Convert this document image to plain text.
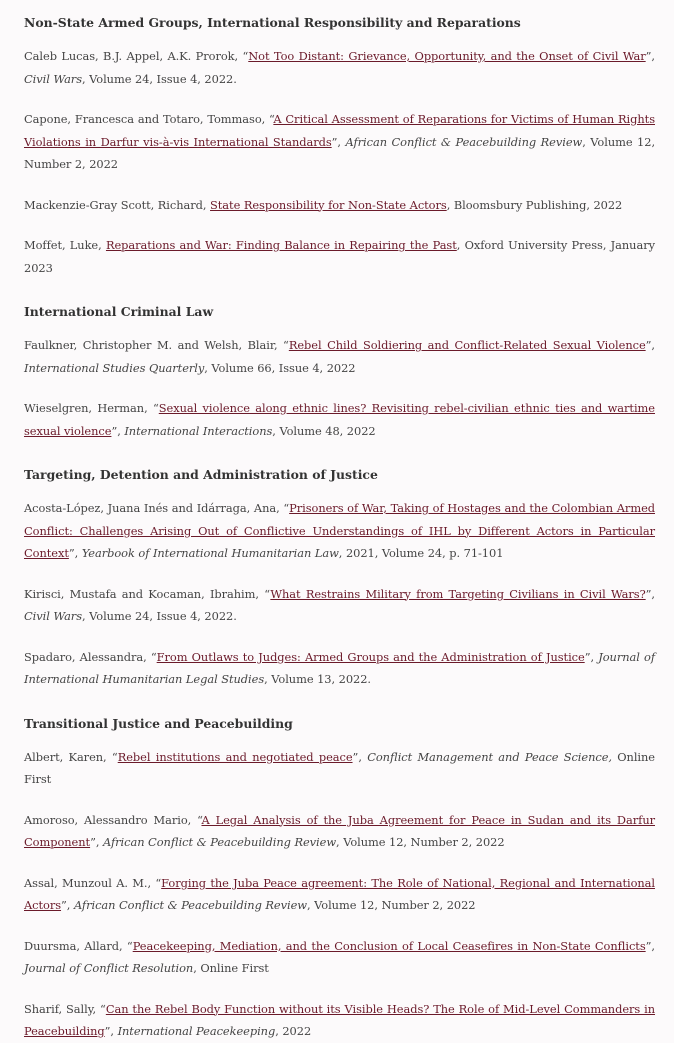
Non-State Armed Groups, International Responsibility and Reparations

Caleb Lucas, B.J. Appel, A.K. Prorok, “Not Too Distant: Grievance, Opportunity, and the Onset of Civil War”, Civil Wars, Volume 24, Issue 4, 2022.

Capone, Francesca and Totaro, Tommaso, “A Critical Assessment of Reparations for Victims of Human Rights Violations in Darfur vis-à-vis International Standards”, African Conflict & Peacebuilding Review, Volume 12, Number 2, 2022

Mackenzie-Gray Scott, Richard, State Responsibility for Non-State Actors, Bloomsbury Publishing, 2022

Moffet, Luke, Reparations and War: Finding Balance in Repairing the Past, Oxford University Press, January 2023

International Criminal Law

Faulkner, Christopher M. and Welsh, Blair, “Rebel Child Soldiering and Conflict-Related Sexual Violence”, International Studies Quarterly, Volume 66, Issue 4, 2022

Wieselgren, Herman, “Sexual violence along ethnic lines? Revisiting rebel-civilian ethnic ties and wartime sexual violence”, International Interactions, Volume 48, 2022

Targeting, Detention and Administration of Justice

Acosta-López, Juana Inés and Idárraga, Ana, “Prisoners of War, Taking of Hostages and the Colombian Armed Conflict: Challenges Arising Out of Conflictive Understandings of IHL by Different Actors in Particular Context”, Yearbook of International Humanitarian Law, 2021, Volume 24, p. 71-101

Kirisci, Mustafa and Kocaman, Ibrahim, “What Restrains Military from Targeting Civilians in Civil Wars?”, Civil Wars, Volume 24, Issue 4, 2022.

Spadaro, Alessandra, “From Outlaws to Judges: Armed Groups and the Administration of Justice”, Journal of International Humanitarian Legal Studies, Volume 13, 2022.

Transitional Justice and Peacebuilding

Albert, Karen, “Rebel institutions and negotiated peace”, Conflict Management and Peace Science, Online First

Amoroso, Alessandro Mario, “A Legal Analysis of the Juba Agreement for Peace in Sudan and its Darfur Component”, African Conflict & Peacebuilding Review, Volume 12, Number 2, 2022

Assal, Munzoul A. M., “Forging the Juba Peace agreement: The Role of National, Regional and International Actors”, African Conflict & Peacebuilding Review, Volume 12, Number 2, 2022

Duursma, Allard, “Peacekeeping, Mediation, and the Conclusion of Local Ceasefires in Non-State Conflicts”, Journal of Conflict Resolution, Online First

Sharif, Sally, “Can the Rebel Body Function without its Visible Heads? The Role of Mid-Level Commanders in Peacebuilding”, International Peacekeeping, 2022
